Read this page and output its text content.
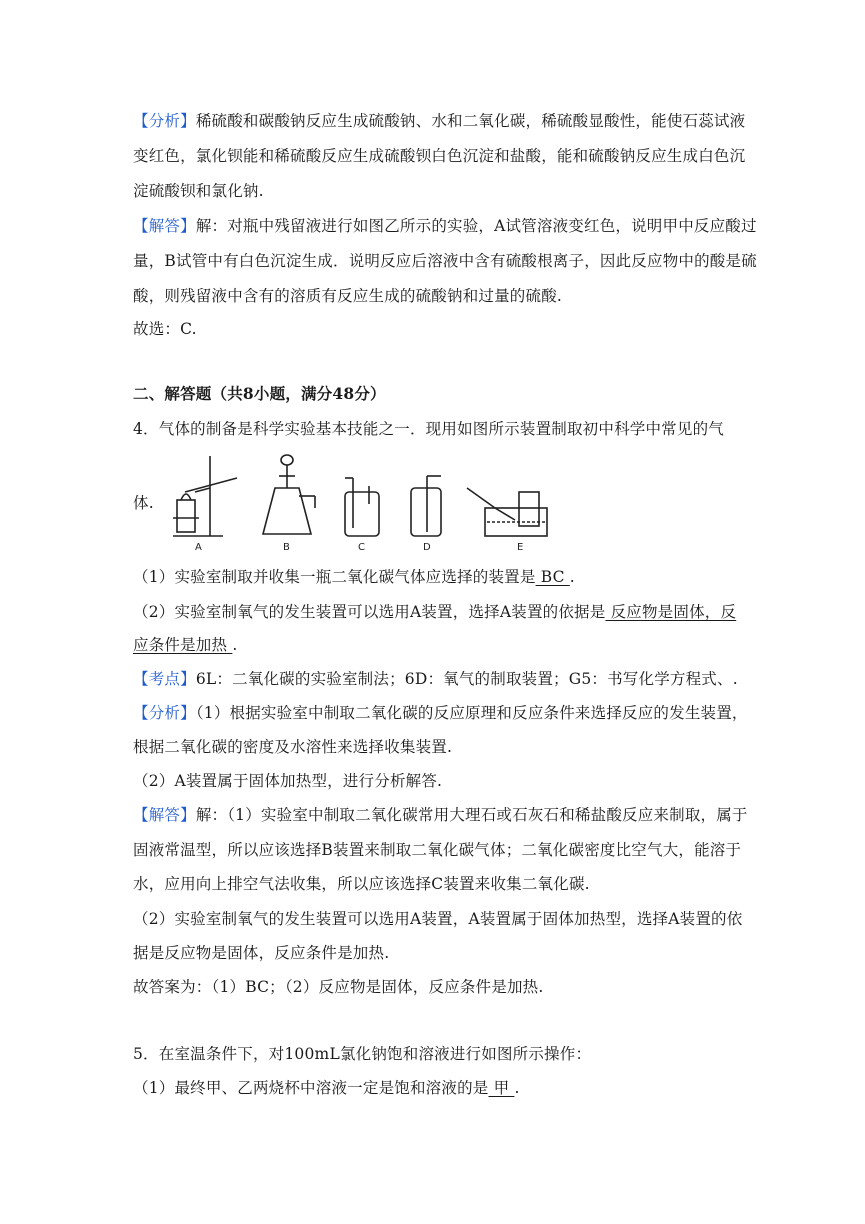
【分析】稀硫酸和碳酸钠反应生成硫酸钠、水和二氧化碳，稀硫酸显酸性，能使石蕊试液
变红色，氯化钡能和稀硫酸反应生成硫酸钡白色沉淀和盐酸，能和硫酸钠反应生成白色沉
淀硫酸钡和氯化钠.
【解答】解：对瓶中残留液进行如图乙所示的实验，A试管溶液变红色，说明甲中反应酸过
量，B试管中有白色沉淀生成．说明反应后溶液中含有硫酸根离子，因此反应物中的酸是硫
酸，则残留液中含有的溶质有反应生成的硫酸钠和过量的硫酸.
故选：C.
二、解答题（共8小题，满分48分）
4．气体的制备是科学实验基本技能之一．现用如图所示装置制取初中科学中常见的气
体.
A	B	C	D	E
（1）实验室制取并收集一瓶二氧化碳气体应选择的装置是 BC .
（2）实验室制氧气的发生装置可以选用A装置，选择A装置的依据是 反应物是固体，反
应条件是加热 .
【考点】6L：二氧化碳的实验室制法；6D：氧气的制取装置；G5：书写化学方程式、.
【分析】（1）根据实验室中制取二氧化碳的反应原理和反应条件来选择反应的发生装置，
根据二氧化碳的密度及水溶性来选择收集装置.
（2）A装置属于固体加热型，进行分析解答.
【解答】解：（1）实验室中制取二氧化碳常用大理石或石灰石和稀盐酸反应来制取，属于
固液常温型，所以应该选择B装置来制取二氧化碳气体；二氧化碳密度比空气大，能溶于
水，应用向上排空气法收集，所以应该选择C装置来收集二氧化碳.
（2）实验室制氧气的发生装置可以选用A装置，A装置属于固体加热型，选择A装置的依
据是反应物是固体，反应条件是加热.
故答案为：（1）BC；（2）反应物是固体，反应条件是加热.
5．在室温条件下，对100mL氯化钠饱和溶液进行如图所示操作：
（1）最终甲、乙两烧杯中溶液一定是饱和溶液的是 甲 .
